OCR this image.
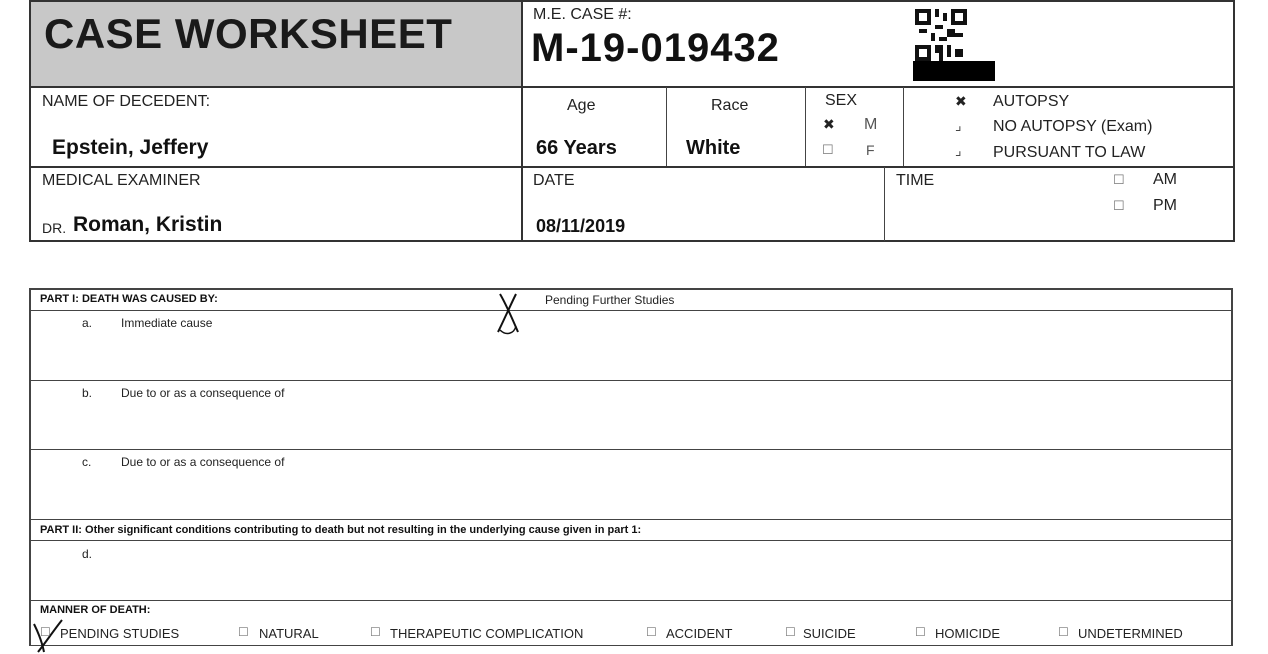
CASE WORKSHEET	M.E. CASE #:
M-19-019432
NAME OF DECEDENT:
Epstein, Jeffery
Age
66 Years
Race
White
SEX
✖ M
☐ F
✖ AUTOPSY
⌟ NO AUTOPSY (Exam)
⌟ PURSUANT TO LAW
MEDICAL EXAMINER
DR. Roman, Kristin
DATE
08/11/2019
TIME	☐ AM
☐ PM
PART I: DEATH WAS CAUSED BY:	Pending Further Studies
a. Immediate cause
b. Due to or as a consequence of
c. Due to or as a consequence of
PART II: Other significant conditions contributing to death but not resulting in the underlying cause given in part 1:
d.
MANNER OF DEATH:
☐ PENDING STUDIES	☐ NATURAL	☐ THERAPEUTIC COMPLICATION	☐ ACCIDENT	☐ SUICIDE	☐ HOMICIDE	☐ UNDETERMINED
